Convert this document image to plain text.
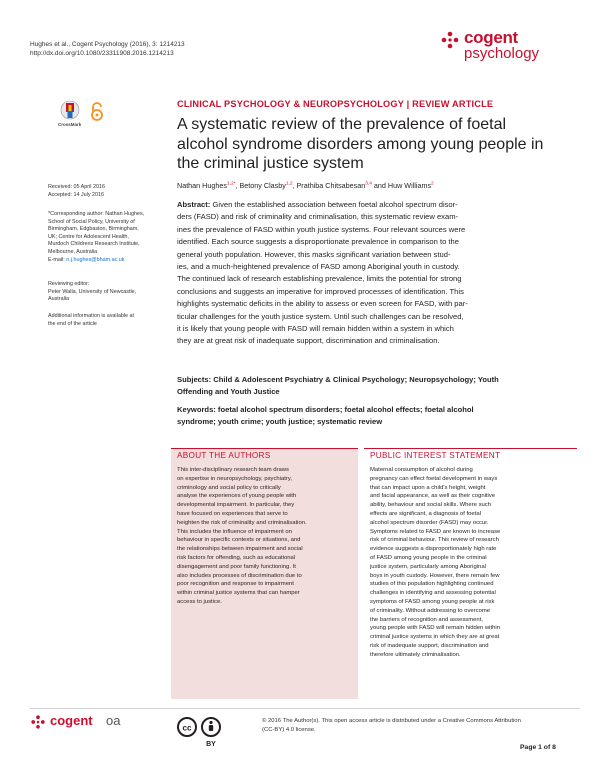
Hughes et al., Cogent Psychology (2016), 3: 1214213
http://dx.doi.org/10.1080/23311908.2016.1214213
cogent
psychology
CrossMark
CLINICAL PSYCHOLOGY & NEUROPSYCHOLOGY | REVIEW ARTICLE
A systematic review of the prevalence of foetal
alcohol syndrome disorders among young people in
the criminal justice system
Nathan Hughes$^{1,2*}$, Betony Clasby$^{1,2}$, Prathiba Chitsabesan$^{3,4}$ and Huw Williams$^2$
Received: 05 April 2016
Accepted: 14 July 2016
*Corresponding author: Nathan Hughes,
School of Social Policy, University of
Birmingham, Edgbaston, Birmingham,
UK; Centre for Adolescent Health,
Murdoch Childrens Research Institute,
Melbourne, Australia
E-mail: n.j.hughes@bham.ac.uk
Reviewing editor:
Peter Walla, University of Newcastle,
Australia
Additional information is available at
the end of the article
Abstract: Given the established association between foetal alcohol spectrum disor-
ders (FASD) and risk of criminality and criminalisation, this systematic review exam-
ines the prevalence of FASD within youth justice systems. Four relevant sources were
identified. Each source suggests a disproportionate prevalence in comparison to the
general youth population. However, this masks significant variation between stud-
ies, and a much-heightened prevalence of FASD among Aboriginal youth in custody.
The continued lack of research establishing prevalence, limits the potential for strong
conclusions and suggests an imperative for improved processes of identification. This
highlights systematic deficits in the ability to assess or even screen for FASD, with par-
ticular challenges for the youth justice system. Until such challenges can be resolved,
it is likely that young people with FASD will remain hidden within a system in which
they are at great risk of inadequate support, discrimination and criminalisation.
Subjects: Child & Adolescent Psychiatry & Clinical Psychology; Neuropsychology; Youth
Offending and Youth Justice
Keywords: foetal alcohol spectrum disorders; foetal alcohol effects; foetal alcohol
syndrome; youth crime; youth justice; systematic review
ABOUT THE AUTHORS
This inter-disciplinary research team draws
on expertise in neuropsychology, psychiatry,
criminology and social policy to critically
analyse the experiences of young people with
developmental impairment. In particular, they
have focused on experiences that serve to
heighten the risk of criminality and criminalisation.
This includes the influence of impairment on
behaviour in specific contexts or situations, and
the relationships between impairment and social
risk factors for offending, such as educational
disengagement and poor family functioning. It
also includes processes of discrimination due to
poor recognition and response to impairment
within criminal justice systems that can hamper
access to justice.
PUBLIC INTEREST STATEMENT
Maternal consumption of alcohol during
pregnancy can effect foetal development in ways
that can impact upon a child's height, weight
and facial appearance, as well as their cognitive
ability, behaviour and social skills. Where such
effects are significant, a diagnosis of foetal
alcohol spectrum disorder (FASD) may occur.
Symptoms related to FASD are known to increase
risk of criminal behaviour. This review of research
evidence suggests a disproportionately high rate
of FASD among young people in the criminal
justice system, particularly among Aboriginal
boys in youth custody. However, there remain few
studies of this population highlighting continued
challenges in identifying and assessing potential
symptoms of FASD among young people at risk
of criminality. Without addressing to overcome
the barriers of recognition and assessment,
young people with FASD will remain hidden within
criminal justice systems in which they are at great
risk of inadequate support, discrimination and
therefore ultimately criminalisation.
cogent oa	cc
BY
© 2016 The Author(s). This open access article is distributed under a Creative Commons Attribution
(CC-BY) 4.0 license.
Page 1 of 8
